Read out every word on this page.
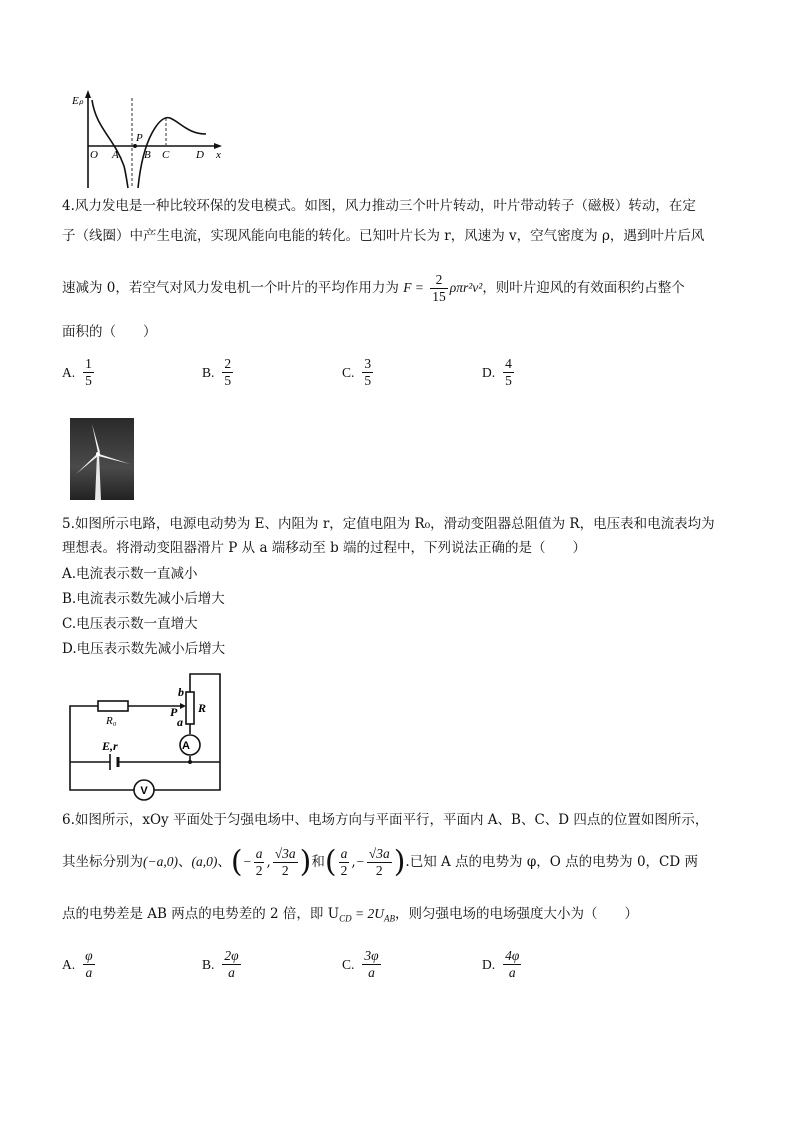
Eₚ
x
O A
P
B C D
4.风力发电是一种比较环保的发电模式。如图，风力推动三个叶片转动，叶片带动转子（磁极）转动，在定
子（线圈）中产生电流，实现风能向电能的转化。已知叶片长为 r，风速为 v，空气密度为 ρ，遇到叶片后风
速减为 0，若空气对风力发电机一个叶片的平均作用力为 $F = \frac{2}{15} \rho\pi r^2v^2$，则叶片迎风的有效面积约占整个
面积的（　　）
A. $\frac{1}{5}$	B. $\frac{2}{5}$	C. $\frac{3}{5}$	D. $\frac{4}{5}$
5.如图所示电路，电源电动势为 E、内阻为 r，定值电阻为 R₀，滑动变阻器总阻值为 R，电压表和电流表均为
理想表。将滑动变阻器滑片 P 从 a 端移动至 b 端的过程中，下列说法正确的是（　　）
A.电流表示数一直减小
B.电流表示数先减小后增大
C.电压表示数一直增大
D.电压表示数先减小后增大
A
V
R₀
R
b
P
a
E,r
6.如图所示，xOy 平面处于匀强电场中、电场方向与平面平行，平面内 A、B、C、D 四点的位置如图所示，
其坐标分别为(−a,0)、(a,0)、(− $\frac{a}{2}$ , $\frac{√3a}{2}$ )和( $\frac{a}{2}$ ,− $\frac{√3a}{2}$ ).已知 A 点的电势为 φ，O 点的电势为 0，CD 两
点的电势差是 AB 两点的电势差的 2 倍，即 $U_{CD} = 2U_{AB}$，则匀强电场的电场强度大小为（　　）
A. $\frac{\varphi}{a}$	B. $\frac{2\varphi}{a}$	C. $\frac{3\varphi}{a}$	D. $\frac{4\varphi}{a}$
